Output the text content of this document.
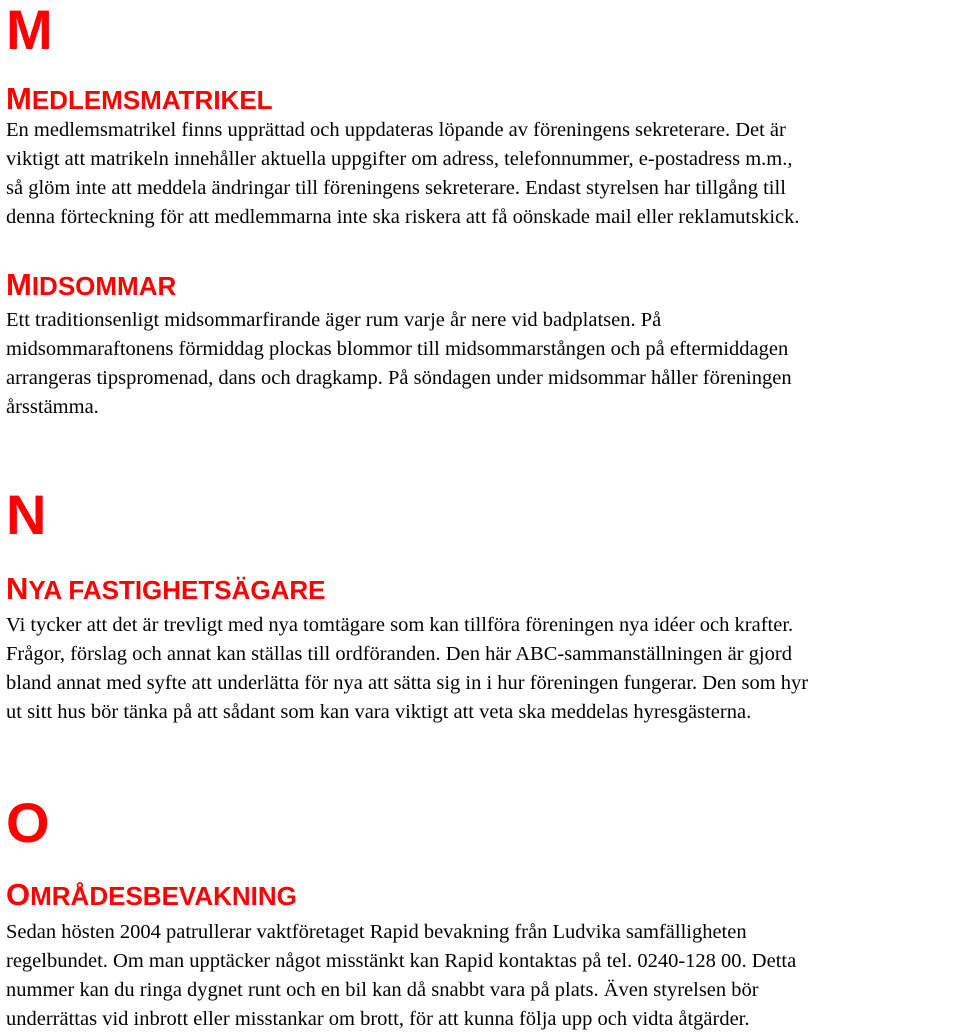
M
MEDLEMSMATRIKEL
En medlemsmatrikel finns upprättad och uppdateras löpande av föreningens sekreterare. Det är
viktigt att matrikeln innehåller aktuella uppgifter om adress, telefonnummer, e-postadress m.m.,
så glöm inte att meddela ändringar till föreningens sekreterare. Endast styrelsen har tillgång till
denna förteckning för att medlemmarna inte ska riskera att få oönskade mail eller reklamutskick.
MIDSOMMAR
Ett traditionsenligt midsommarfirande äger rum varje år nere vid badplatsen. På
midsommaraftonens förmiddag plockas blommor till midsommarstången och på eftermiddagen
arrangeras tipspromenad, dans och dragkamp. På söndagen under midsommar håller föreningen
årsstämma.
N
NYA FASTIGHETSÄGARE
Vi tycker att det är trevligt med nya tomtägare som kan tillföra föreningen nya idéer och krafter.
Frågor, förslag och annat kan ställas till ordföranden. Den här ABC-sammanställningen är gjord
bland annat med syfte att underlätta för nya att sätta sig in i hur föreningen fungerar. Den som hyr
ut sitt hus bör tänka på att sådant som kan vara viktigt att veta ska meddelas hyresgästerna.
O
OMRÅDESBEVAKNING
Sedan hösten 2004 patrullerar vaktföretaget Rapid bevakning från Ludvika samfälligheten
regelbundet. Om man upptäcker något misstänkt kan Rapid kontaktas på tel. 0240-128 00. Detta
nummer kan du ringa dygnet runt och en bil kan då snabbt vara på plats. Även styrelsen bör
underrättas vid inbrott eller misstankar om brott, för att kunna följa upp och vidta åtgärder.
